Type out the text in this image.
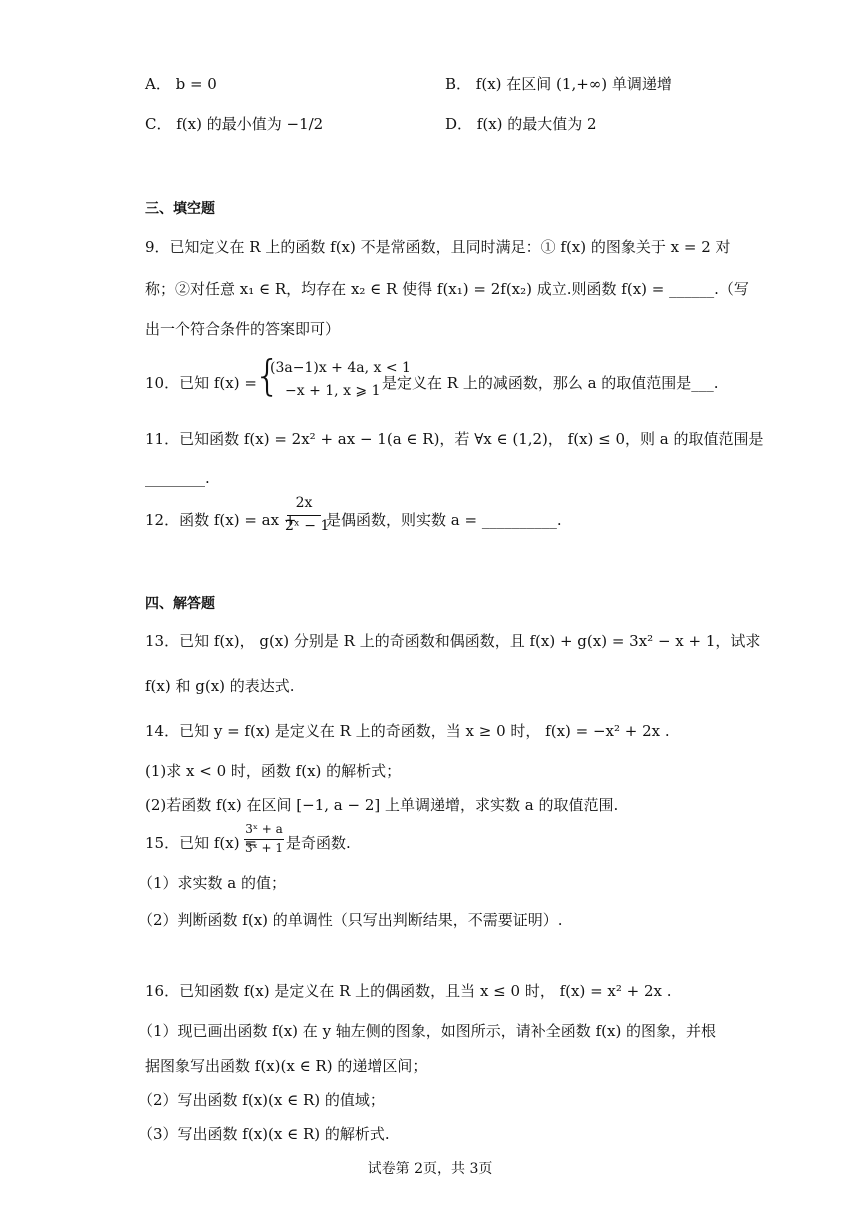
A． b = 0	B． f(x) 在区间 (1,+∞) 单调递增
C． f(x) 的最小值为 −1/2	D． f(x) 的最大值为 2
三、填空题
9．已知定义在 R 上的函数 f(x) 不是常函数，且同时满足：① f(x) 的图象关于 x = 2 对
称；②对任意 x₁ ∈ R，均存在 x₂ ∈ R 使得 f(x₁) = 2f(x₂) 成立.则函数 f(x) = ______.（写
出一个符合条件的答案即可）
10．已知 f(x) =
{
(3a−1)x + 4a, x < 1
−x + 1, x ⩾ 1 是定义在 R 上的减函数，那么 a 的取值范围是___.
11．已知函数 f(x) = 2x² + ax − 1(a ∈ R)，若 ∀x ∈ (1,2)， f(x) ≤ 0，则 a 的取值范围是
________.
12．函数 f(x) = ax +
2x
2ˣ − 1
是偶函数，则实数 a = __________.
四、解答题
13．已知 f(x)， g(x) 分别是 R 上的奇函数和偶函数，且 f(x) + g(x) = 3x² − x + 1，试求
f(x) 和 g(x) 的表达式.
14．已知 y = f(x) 是定义在 R 上的奇函数，当 x ≥ 0 时， f(x) = −x² + 2x .
(1)求 x < 0 时，函数 f(x) 的解析式；
(2)若函数 f(x) 在区间 [−1, a − 2] 上单调递增，求实数 a 的取值范围.
15．已知 f(x) =
3ˣ + a
3ˣ + 1 是奇函数.
（1）求实数 a 的值；
（2）判断函数 f(x) 的单调性（只写出判断结果，不需要证明）.
16．已知函数 f(x) 是定义在 R 上的偶函数，且当 x ≤ 0 时， f(x) = x² + 2x .
（1）现已画出函数 f(x) 在 y 轴左侧的图象，如图所示，请补全函数 f(x) 的图象，并根
据图象写出函数 f(x)(x ∈ R) 的递增区间；
（2）写出函数 f(x)(x ∈ R) 的值域；
（3）写出函数 f(x)(x ∈ R) 的解析式.
试卷第 2页，共 3页
